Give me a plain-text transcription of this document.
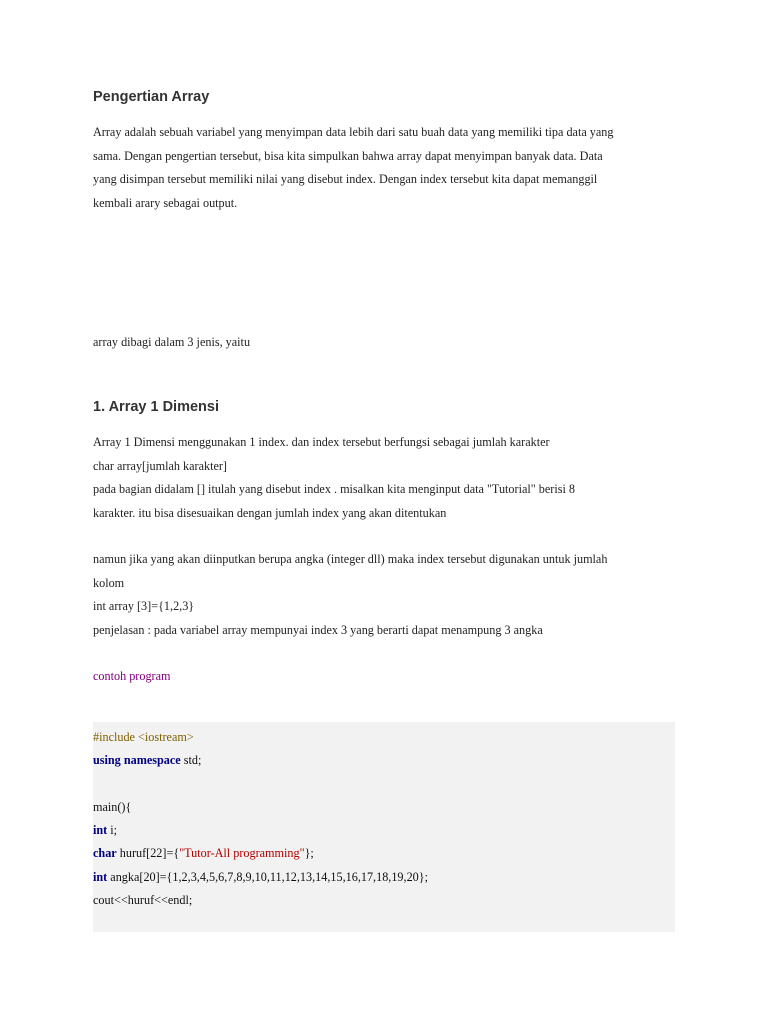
Pengertian Array
Array adalah sebuah variabel yang menyimpan data lebih dari satu buah data yang memiliki tipa data yang
sama. Dengan pengertian tersebut, bisa kita simpulkan bahwa array dapat menyimpan banyak data. Data
yang disimpan tersebut memiliki nilai yang disebut index. Dengan index tersebut kita dapat memanggil
kembali arary sebagai output.
array dibagi dalam 3 jenis, yaitu
1. Array 1 Dimensi
Array 1 Dimensi menggunakan 1 index. dan index tersebut berfungsi sebagai jumlah karakter
char array[jumlah karakter]
pada bagian didalam [] itulah yang disebut index . misalkan kita menginput data "Tutorial" berisi 8
karakter. itu bisa disesuaikan dengan jumlah index yang akan ditentukan
namun jika yang akan diinputkan berupa angka (integer dll) maka index tersebut digunakan untuk jumlah
kolom
int array [3]={1,2,3}
penjelasan : pada variabel array mempunyai index 3 yang berarti dapat menampung 3 angka
contoh program
#include <iostream>
using namespace std;
main(){
int i;
char huruf[22]={"Tutor-All programming"};
int angka[20]={1,2,3,4,5,6,7,8,9,10,11,12,13,14,15,16,17,18,19,20};
cout<<huruf<<endl;
